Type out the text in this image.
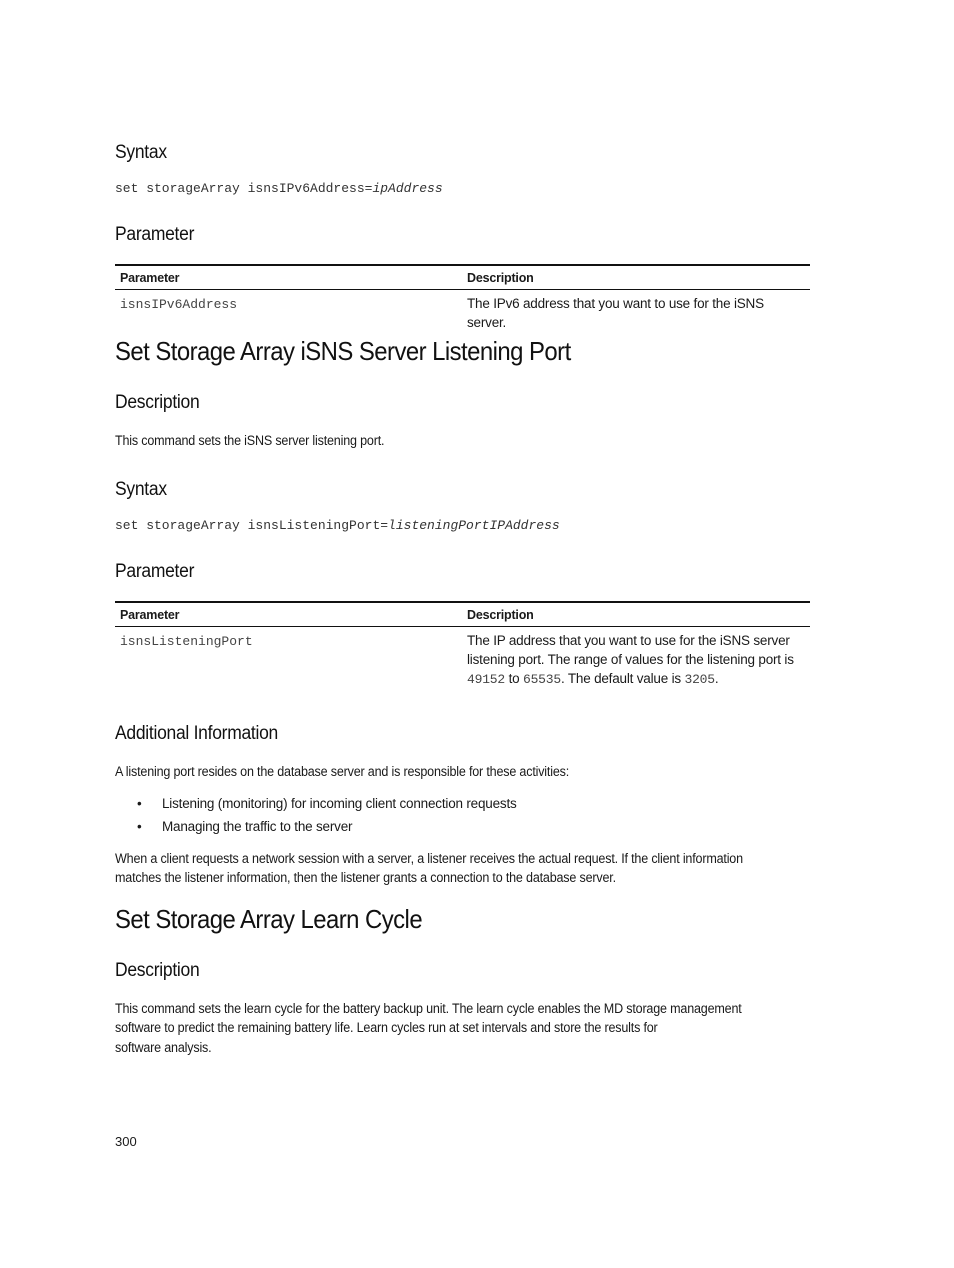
Syntax
set storageArray isnsIPv6Address=ipAddress
Parameter
Parameter	Description
isnsIPv6Address	The IPv6 address that you want to use for the iSNS server.
Set Storage Array iSNS Server Listening Port
Description

This command sets the iSNS server listening port.

Syntax
set storageArray isnsListeningPort=listeningPortIPAddress
Parameter
Parameter	Description
isnsListeningPort	The IP address that you want to use for the iSNS server listening port. The range of values for the listening port is 49152 to 65535. The default value is 3205.
Additional Information

A listening port resides on the database server and is responsible for these activities:

• Listening (monitoring) for incoming client connection requests
• Managing the traffic to the server

When a client requests a network session with a server, a listener receives the actual request. If the client information

matches the listener information, then the listener grants a connection to the database server.

Set Storage Array Learn Cycle
Description

This command sets the learn cycle for the battery backup unit. The learn cycle enables the MD storage management

software to predict the remaining battery life. Learn cycles run at set intervals and store the results for

software analysis.

300
